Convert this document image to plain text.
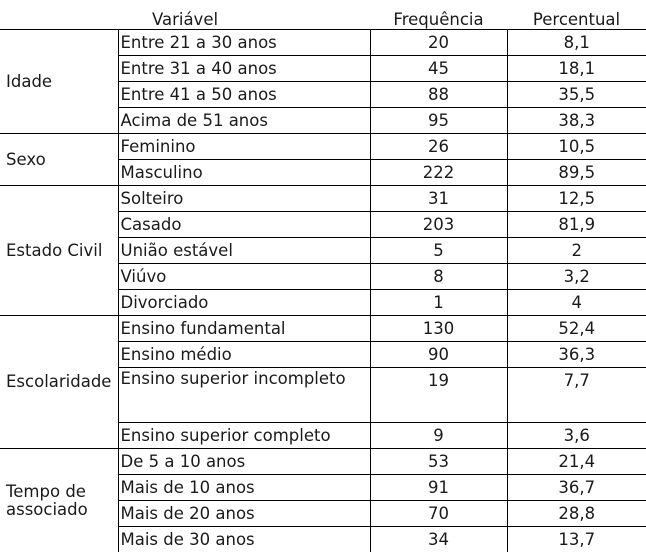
Variável		Frequência	Percentual
Idade	Entre 21 a 30 anos	20	8,1
	Entre 31 a 40 anos	45	18,1
	Entre 41 a 50 anos	88	35,5
	Acima de 51 anos	95	38,3
Sexo	Feminino	26	10,5
	Masculino	222	89,5
Estado Civil	Solteiro	31	12,5
	Casado	203	81,9
	União estável	5	2
	Viúvo	8	3,2
	Divorciado	1	4
Escolaridade	Ensino fundamental	130	52,4
	Ensino médio	90	36,3
	Ensino superior incompleto	19	7,7
	Ensino superior completo	9	3,6
Tempo de associado	De 5 a 10 anos	53	21,4
	Mais de 10 anos	91	36,7
	Mais de 20 anos	70	28,8
	Mais de 30 anos	34	13,7
